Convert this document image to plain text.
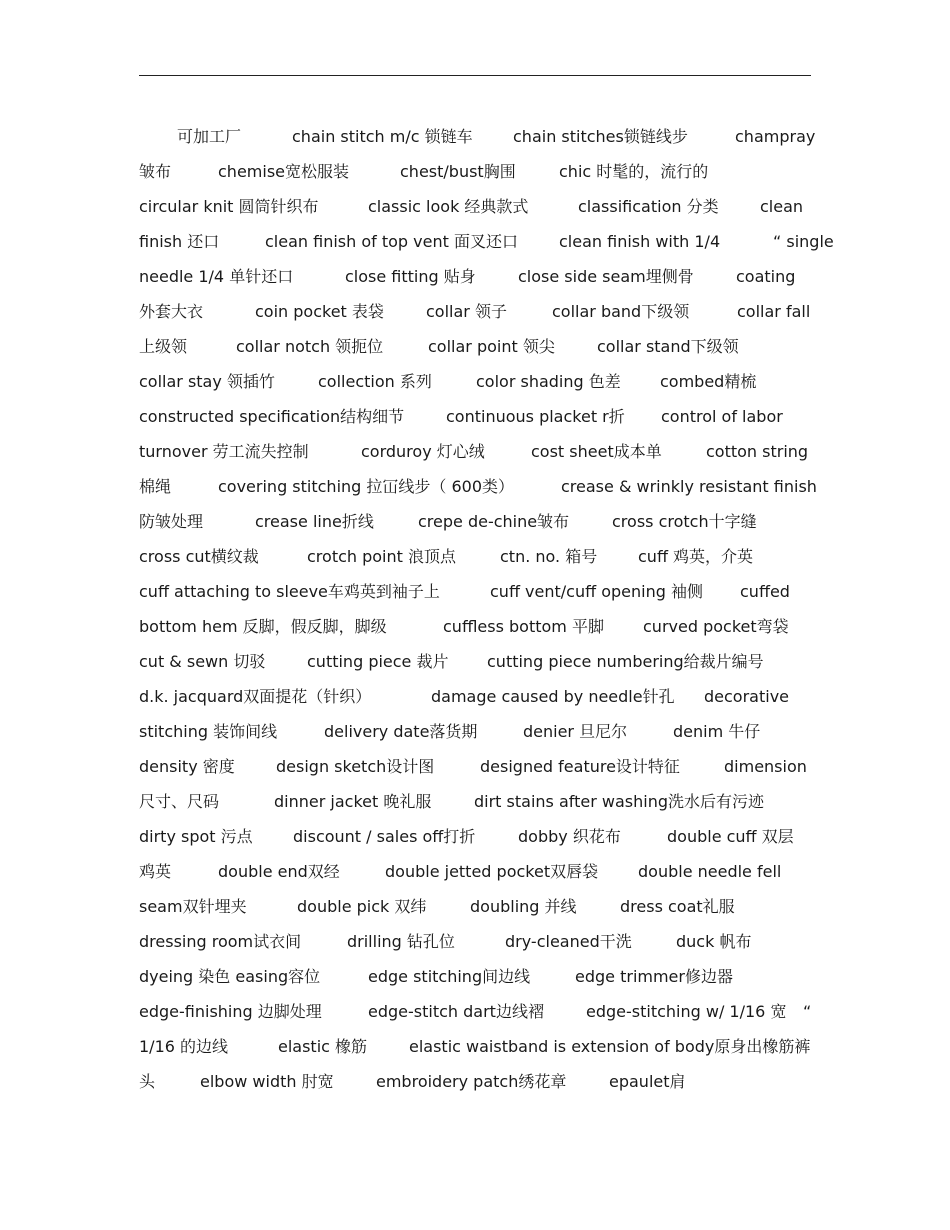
可加工厂	chain stitch m/c 锁链车	chain stitches锁链线步	champray
皱布	chemise宽松服装	chest/bust胸围	chic 时髦的，流行的
circular knit 圆筒针织布	classic look 经典款式	classification 分类	clean
finish 还口	clean finish of top vent 面叉还口	clean finish with 1/4	“ single
needle 1/4 单针还口	close fitting 贴身	close side seam埋侧骨	coating
外套大衣	coin pocket 表袋	collar 领子	collar band下级领	collar fall
上级领	collar notch 领扼位	collar point 领尖	collar stand下级领
collar stay 领插竹	collection 系列	color shading 色差 combed精梳
constructed specification结构细节	continuous placket r折 control of labor
turnover 劳工流失控制	corduroy 灯心绒	cost sheet成本单	cotton string
棉绳	covering stitching 拉冚线步（ 600类）	crease & wrinkly resistant finish
防皱处理	crease line折线	crepe de-chine皱布	cross crotch十字缝
cross cut横纹裁	crotch point 浪顶点	ctn. no. 箱号	cuff 鸡英，介英
cuff attaching to sleeve车鸡英到袖子上	cuff vent/cuff opening 袖侧 cuffed
bottom hem 反脚，假反脚，脚级	cuffless bottom 平脚 curved pocket弯袋
cut & sewn 切驳	cutting piece 裁片 cutting piece numbering给裁片编号
d.k. jacquard双面提花（针织）	damage caused by needle针孔 decorative
stitching 装饰间线	delivery date落货期	denier 旦尼尔	denim 牛仔
density 密度	design sketch设计图	designed feature设计特征	dimension
尺寸、尺码	dinner jacket 晚礼服	dirt stains after washing洗水后有污迹
dirty spot 污点	discount / sales off打折	dobby 织花布	double cuff 双层
鸡英	double end双经	double jetted pocket双唇袋 double needle fell
seam双针埋夹	double pick 双纬	doubling 并线	dress coat礼服
dressing room试衣间	drilling 钻孔位	dry-cleaned干洗	duck 帆布
dyeing 染色 easing容位	edge stitching间边线	edge trimmer修边器
edge-finishing 边脚处理	edge-stitch dart边线褶	edge-stitching w/ 1/16 宽 “
1/16 的边线	elastic 橡筋	elastic waistband is extension of body原身出橡筋裤
头	elbow width 肘宽	embroidery patch绣花章	epaulet肩
